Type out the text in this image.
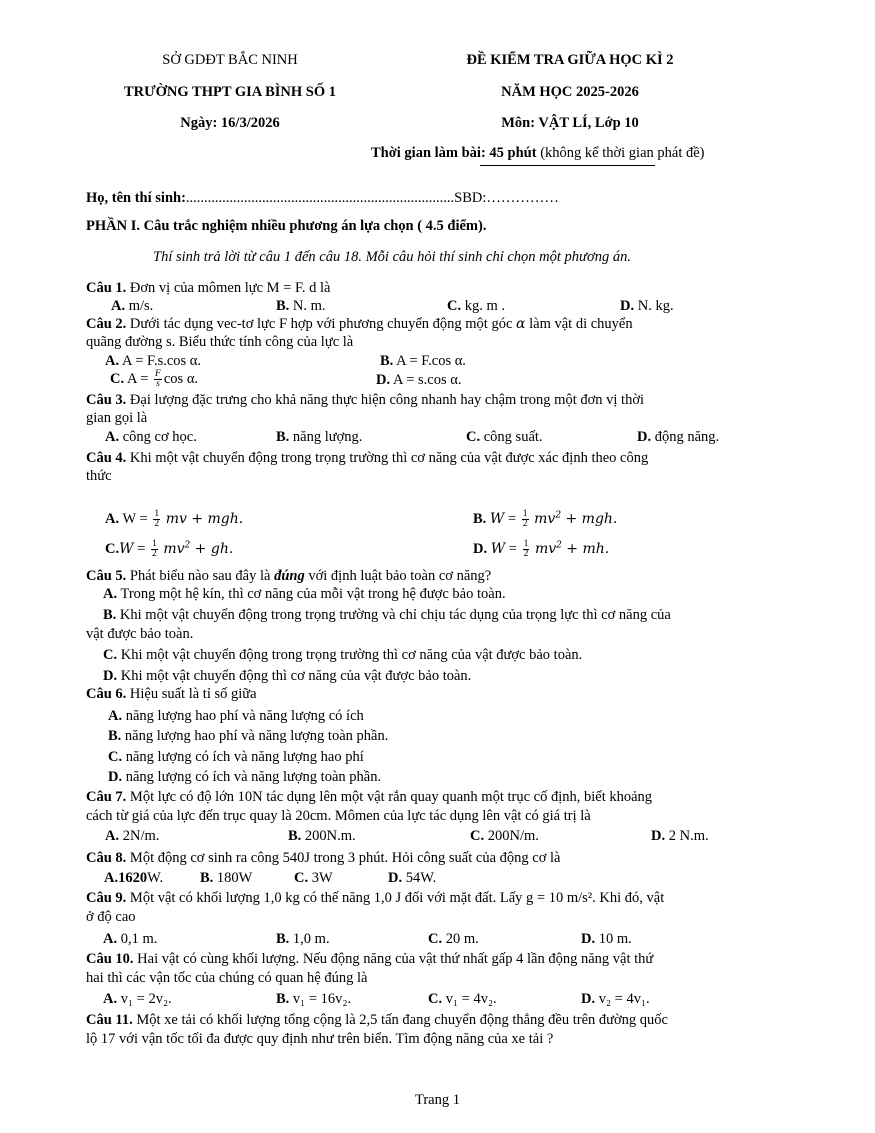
SỞ GDĐT BẮC NINH
TRƯỜNG THPT GIA BÌNH SỐ 1
Ngày: 16/3/2026
ĐỀ KIỂM TRA GIỮA HỌC KÌ 2
NĂM HỌC 2025-2026
Môn: VẬT LÍ, Lớp 10
Thời gian làm bài: 45 phút (không kể thời gian phát đề)
Họ, tên thí sinh:..........................................................................SBD:……………
PHẦN I. Câu trắc nghiệm nhiều phương án lựa chọn ( 4.5 điểm).
Thí sinh trả lời từ câu 1 đến câu 18. Mỗi câu hỏi thí sinh chỉ chọn một phương án.
Câu 1. Đơn vị của mômen lực M = F. d là
A. m/s.	B. N. m.	C. kg. m .	D. N. kg.
Câu 2. Dưới tác dụng vec-tơ lực F hợp với phương chuyển động một góc α làm vật di chuyển
quãng đường s. Biểu thức tính công của lực là
A. A = F.s.cos α.	B. A = F.cos α.
C. $A = \frac{F}{s}$ cos α.	D. A = s.cos α.
Câu 3. Đại lượng đặc trưng cho khả năng thực hiện công nhanh hay chậm trong một đơn vị thời
gian gọi là
A. công cơ học.	B. năng lượng.	C. công suất.	D. động năng.
Câu 4. Khi một vật chuyển động trong trọng trường thì cơ năng của vật được xác định theo công
thức
A. $W = \frac{1}{2}$ mv + mgh.	B. $W = \frac{1}{2} mv^2$ + mgh.
$C.W = \frac{1}{2} mv^2$ + gh.	D. $W = \frac{1}{2} mv^2$ + mh.
Câu 5. Phát biểu nào sau đây là đúng với định luật bảo toàn cơ năng?
A. Trong một hệ kín, thì cơ năng của mỗi vật trong hệ được bảo toàn.
B. Khi một vật chuyển động trong trọng trường và chỉ chịu tác dụng của trọng lực thì cơ năng của
vật được bảo toàn.
C. Khi một vật chuyển động trong trọng trường thì cơ năng của vật được bảo toàn.
D. Khi một vật chuyển động thì cơ năng của vật được bảo toàn.
Câu 6. Hiệu suất là tỉ số giữa
A. năng lượng hao phí và năng lượng có ích
B. năng lượng hao phí và năng lượng toàn phần.
C. năng lượng có ích và năng lượng hao phí
D. năng lượng có ích và năng lượng toàn phần.
Câu 7. Một lực có độ lớn 10N tác dụng lên một vật rắn quay quanh một trục cố định, biết khoảng
cách từ giá của lực đến trục quay là 20cm. Mômen của lực tác dụng lên vật có giá trị là
A. 2N/m.	B. 200N.m.	C. 200N/m.	D. 2 N.m.
Câu 8. Một động cơ sinh ra công 540J trong 3 phút. Hỏi công suất của động cơ là
A.1620W.	B. 180W	C. 3W	D. 54W.
Câu 9. Một vật có khối lượng 1,0 kg có thế năng 1,0 J đối với mặt đất. Lấy g = 10 m/s². Khi đó, vật
ở độ cao
A. 0,1 m.	B. 1,0 m.	C. 20 m.	D. 10 m.
Câu 10. Hai vật có cùng khối lượng. Nếu động năng của vật thứ nhất gấp 4 lần động năng vật thứ
hai thì các vận tốc của chúng có quan hệ đúng là
A. v₁ = 2v₂.	B. v₁ = 16v₂.	C. v₁ = 4v₂.	D. v₂ = 4v₁.
Câu 11. Một xe tải có khối lượng tổng cộng là 2,5 tấn đang chuyển động thẳng đều trên đường quốc
lộ 17 với vận tốc tối đa được quy định như trên biển. Tìm động năng của xe tải ?
Trang 1
